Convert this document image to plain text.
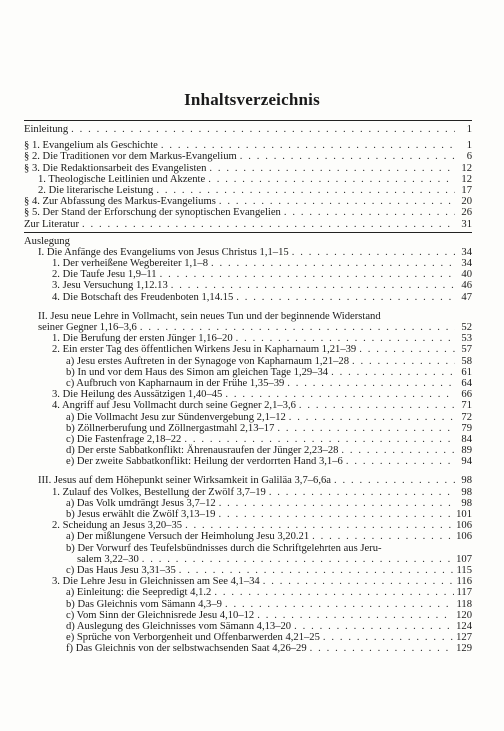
Inhaltsverzeichnis
Einleitung . . .	1
§ 1. Evangelium als Geschichte . . .	1
§ 2. Die Traditionen vor dem Markus-Evangelium . . .	6
§ 3. Die Redaktionsarbeit des Evangelisten . . .	12
1. Theologische Leitlinien und Akzente . . .	12
2. Die literarische Leistung . . .	17
§ 4. Zur Abfassung des Markus-Evangeliums . . .	20
§ 5. Der Stand der Erforschung der synoptischen Evangelien . . .	26
Zur Literatur . . .	31
Auslegung
I. Die Anfänge des Evangeliums von Jesus Christus 1,1–15 . . .	34
1. Der verheißene Wegbereiter 1,1–8 . . .	34
2. Die Taufe Jesu 1,9–11 . . .	40
3. Jesu Versuchung 1,12.13 . . .	46
4. Die Botschaft des Freudenboten 1,14.15 . . .	47
II. Jesu neue Lehre in Vollmacht, sein neues Tun und der beginnende Widerstand
seiner Gegner 1,16–3,6 . . .	52
1. Die Berufung der ersten Jünger 1,16–20 . . .	53
2. Ein erster Tag des öffentlichen Wirkens Jesu in Kapharnaum 1,21–39 . . .	57
a) Jesu erstes Auftreten in der Synagoge von Kapharnaum 1,21–28 . . .	58
b) In und vor dem Haus des Simon am gleichen Tage 1,29–34 . . .	61
c) Aufbruch von Kapharnaum in der Frühe 1,35–39 . . .	64
3. Die Heilung des Aussätzigen 1,40–45 . . .	66
4. Angriff auf Jesu Vollmacht durch seine Gegner 2,1–3,6 . . .	71
a) Die Vollmacht Jesu zur Sündenvergebung 2,1–12 . . .	72
b) Zöllnerberufung und Zöllnergastmahl 2,13–17 . . .	79
c) Die Fastenfrage 2,18–22 . . .	84
d) Der erste Sabbatkonflikt: Ährenausraufen der Jünger 2,23–28 . . .	89
e) Der zweite Sabbatkonflikt: Heilung der verdorrten Hand 3,1–6 . . .	94
III. Jesus auf dem Höhepunkt seiner Wirksamkeit in Galiläa 3,7–6,6a . . .	98
1. Zulauf des Volkes, Bestellung der Zwölf 3,7–19 . . .	98
a) Das Volk umdrängt Jesus 3,7–12 . . .	98
b) Jesus erwählt die Zwölf 3,13–19 . . .	101
2. Scheidung an Jesus 3,20–35 . . .	106
a) Der mißlungene Versuch der Heimholung Jesu 3,20.21 . . .	106
b) Der Vorwurf des Teufelsbündnisses durch die Schriftgelehrten aus Jeru-
salem 3,22–30 . . .	107
c) Das Haus Jesu 3,31–35 . . .	115
3. Die Lehre Jesu in Gleichnissen am See 4,1–34 . . .	116
a) Einleitung: die Seepredigt 4,1.2 . . .	117
b) Das Gleichnis vom Sämann 4,3–9 . . .	118
c) Vom Sinn der Gleichnisrede Jesu 4,10–12 . . .	120
d) Auslegung des Gleichnisses vom Sämann 4,13–20 . . .	124
e) Sprüche von Verborgenheit und Offenbarwerden 4,21–25 . . .	127
f) Das Gleichnis von der selbstwachsenden Saat 4,26–29 . . .	129
